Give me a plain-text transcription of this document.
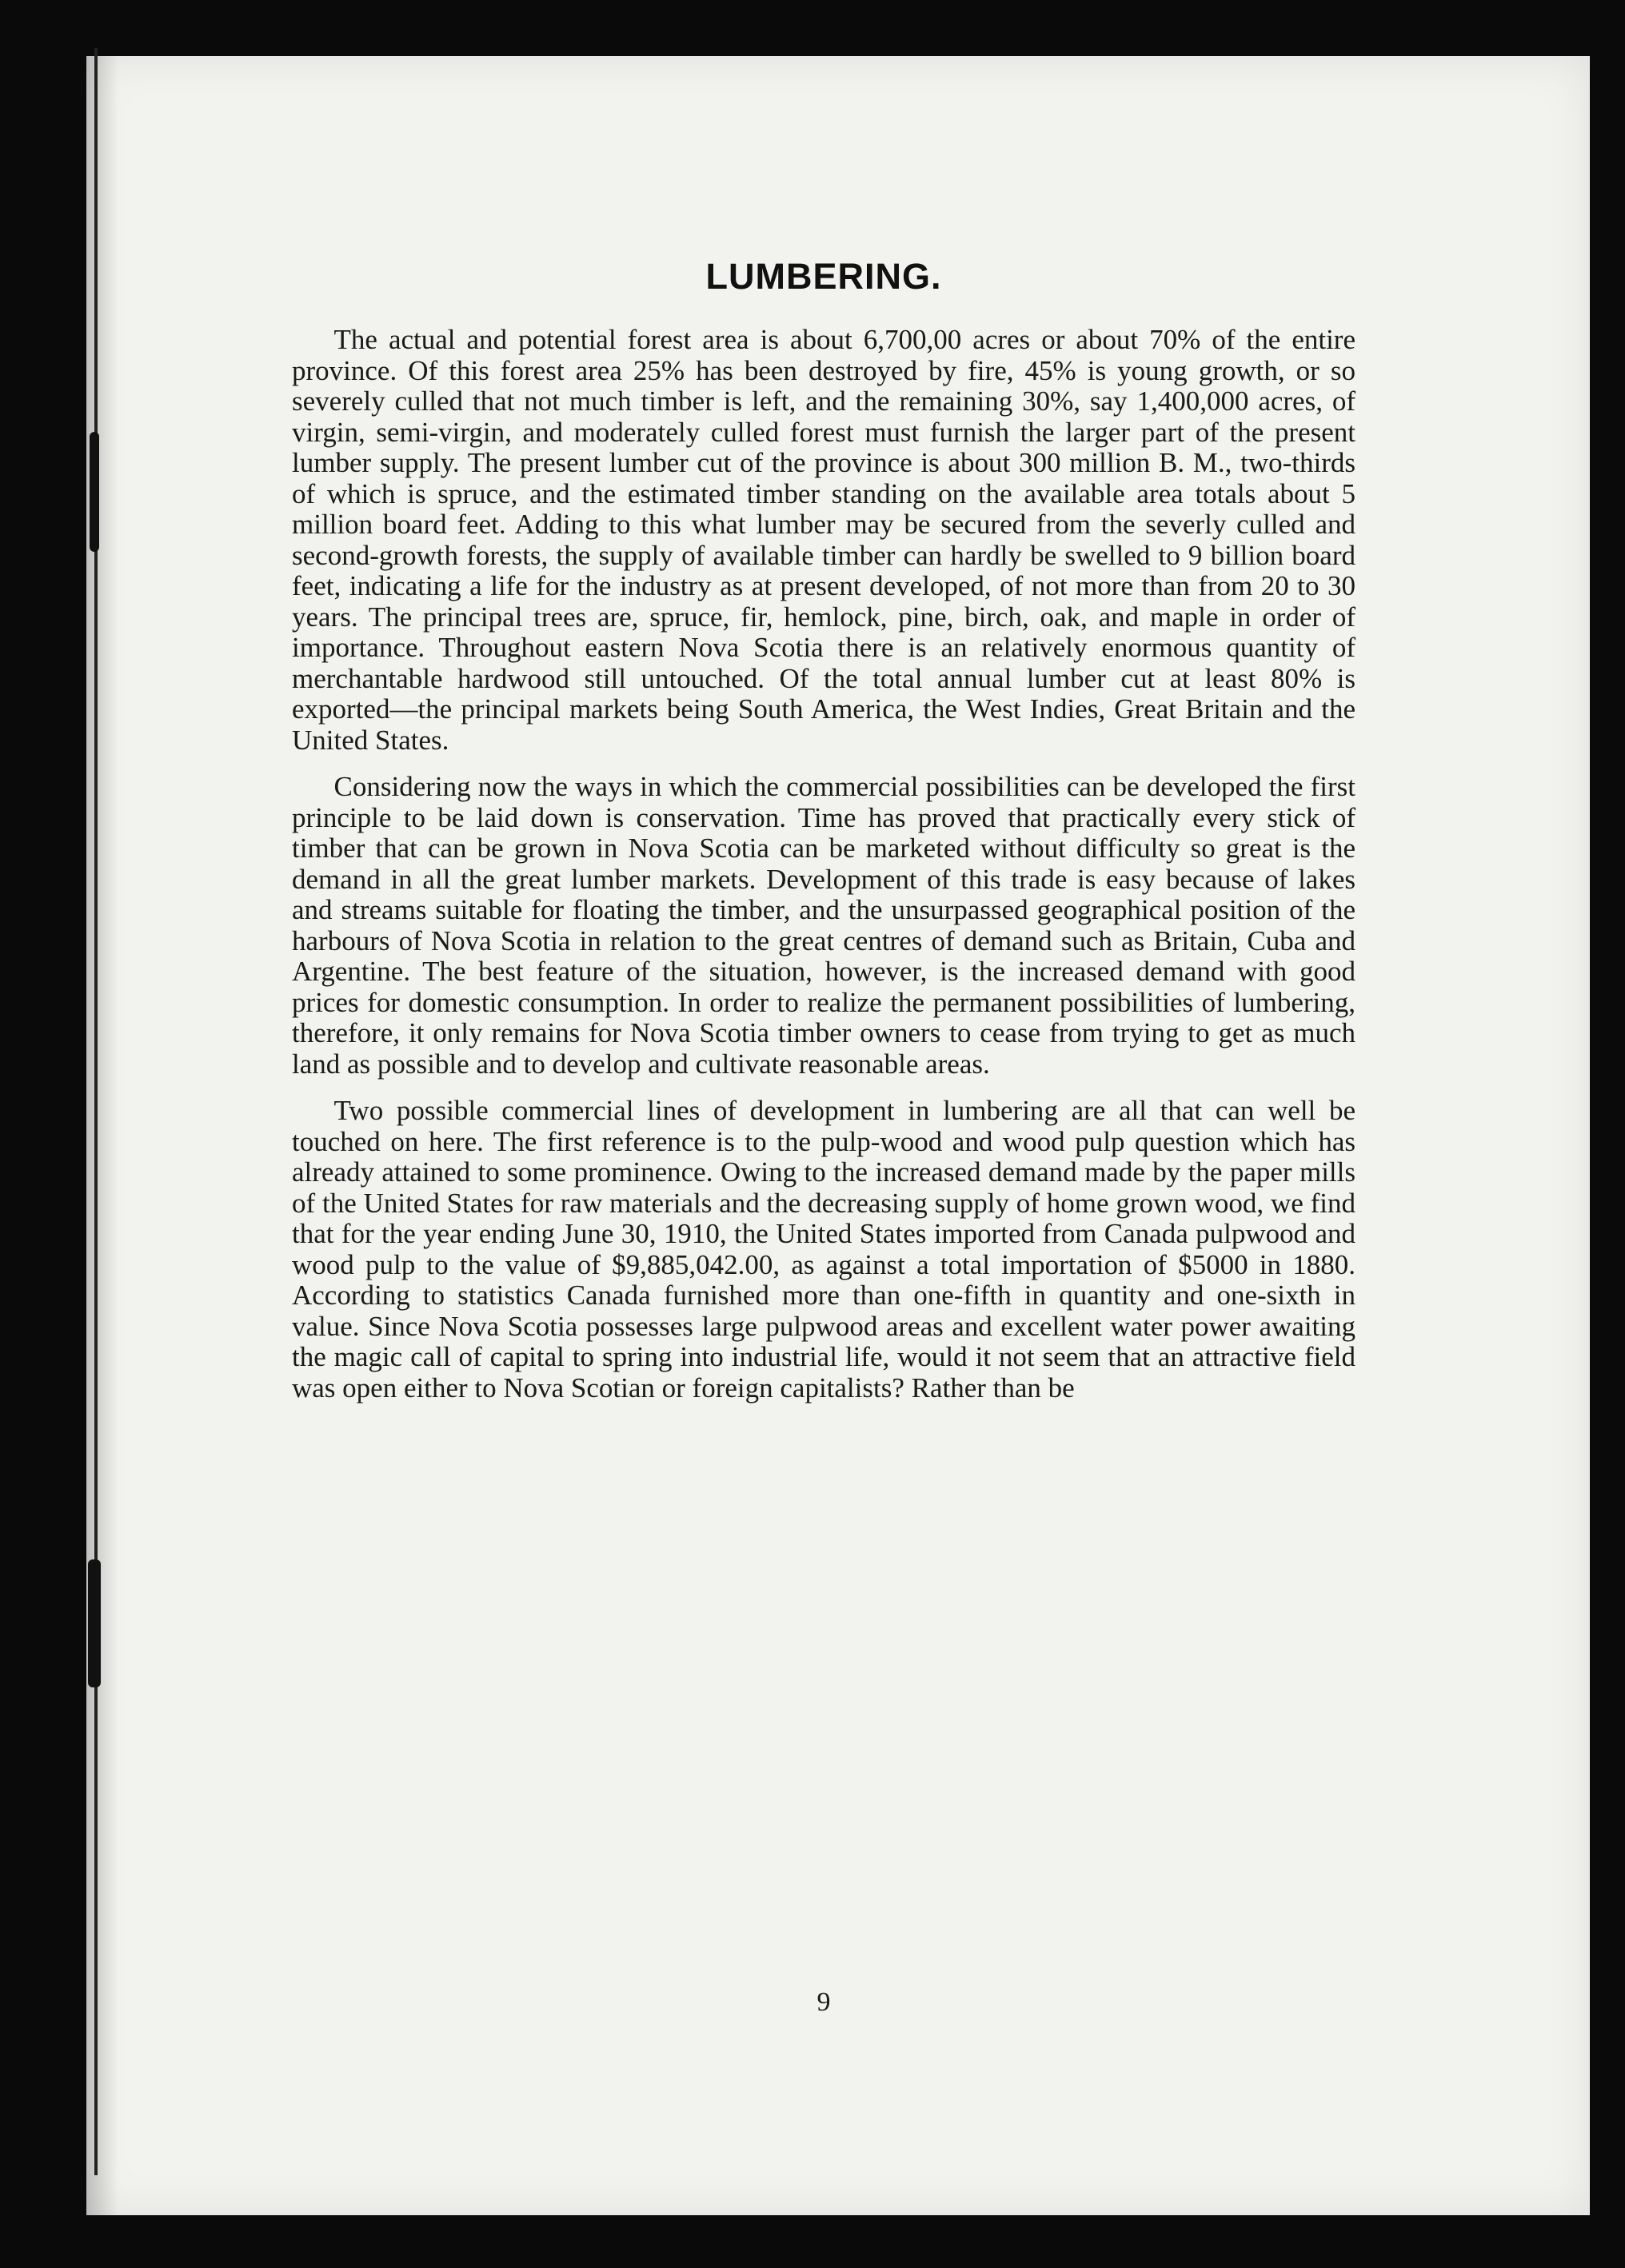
LUMBERING.

The actual and potential forest area is about 6,700,00 acres or about 70% of the entire province. Of this forest area 25% has been destroyed by fire, 45% is young growth, or so severely culled that not much timber is left, and the remaining 30%, say 1,400,000 acres, of virgin, semi-virgin, and moderately culled forest must furnish the larger part of the present lumber supply. The present lumber cut of the province is about 300 million B. M., two-thirds of which is spruce, and the estimated timber standing on the available area totals about 5 million board feet. Adding to this what lumber may be secured from the severly culled and second-growth forests, the supply of available timber can hardly be swelled to 9 billion board feet, indicating a life for the industry as at present developed, of not more than from 20 to 30 years. The principal trees are, spruce, fir, hemlock, pine, birch, oak, and maple in order of importance. Throughout eastern Nova Scotia there is an relatively enormous quantity of merchantable hardwood still untouched. Of the total annual lumber cut at least 80% is exported—the principal markets being South America, the West Indies, Great Britain and the United States.

Considering now the ways in which the commercial possibilities can be developed the first principle to be laid down is conservation. Time has proved that practically every stick of timber that can be grown in Nova Scotia can be marketed without difficulty so great is the demand in all the great lumber markets. Development of this trade is easy because of lakes and streams suitable for floating the timber, and the unsurpassed geographical position of the harbours of Nova Scotia in relation to the great centres of demand such as Britain, Cuba and Argentine. The best feature of the situation, however, is the increased demand with good prices for domestic consumption. In order to realize the permanent possibilities of lumbering, therefore, it only remains for Nova Scotia timber owners to cease from trying to get as much land as possible and to develop and cultivate reasonable areas.

Two possible commercial lines of development in lumbering are all that can well be touched on here. The first reference is to the pulp-wood and wood pulp question which has already attained to some prominence. Owing to the increased demand made by the paper mills of the United States for raw materials and the decreasing supply of home grown wood, we find that for the year ending June 30, 1910, the United States imported from Canada pulpwood and wood pulp to the value of $9,885,042.00, as against a total importation of $5000 in 1880. According to statistics Canada furnished more than one-fifth in quantity and one-sixth in value. Since Nova Scotia possesses large pulpwood areas and excellent water power awaiting the magic call of capital to spring into industrial life, would it not seem that an attractive field was open either to Nova Scotian or foreign capitalists? Rather than be

9
